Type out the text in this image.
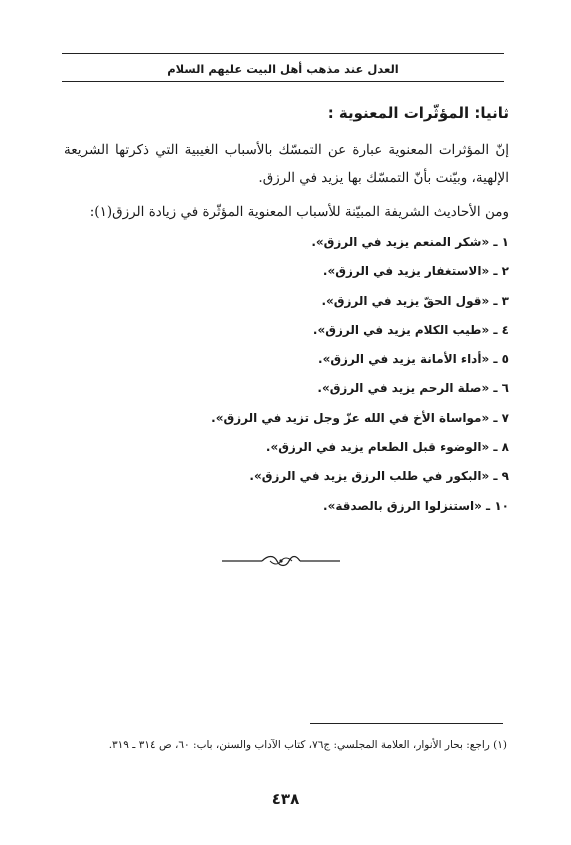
العدل عند مذهب أهل البيت عليهم السلام
ثانيا: المؤثّرات المعنوية :
إنّ المؤثرات المعنوية عبارة عن التمسّك بالأسباب الغيبية التي ذكرتها الشريعة الإلهية، وبيّنت بأنّ التمسّك بها يزيد في الرزق.
ومن الأحاديث الشريفة المبيّنة للأسباب المعنوية المؤثّرة في زيادة الرزق(١):
١ ـ «شكر المنعم يزيد في الرزق».
٢ ـ «الاستغفار يزيد في الرزق».
٣ ـ «قول الحقّ يزيد في الرزق».
٤ ـ «طيب الكلام يزيد في الرزق».
٥ ـ «أداء الأمانة يزيد في الرزق».
٦ ـ «صلة الرحم يزيد في الرزق».
٧ ـ «مواساة الأخ في الله عزّ وجل تزيد في الرزق».
٨ ـ «الوضوء قبل الطعام يزيد في الرزق».
٩ ـ «البكور في طلب الرزق يزيد في الرزق».
١٠ ـ «استنزلوا الرزق بالصدقة».
(١) راجع: بحار الأنوار، العلامة المجلسي: ج٧٦، كتاب الآداب والسنن، باب: ٦٠، ص ٣١٤ ـ ٣١٩.
٤٣٨
